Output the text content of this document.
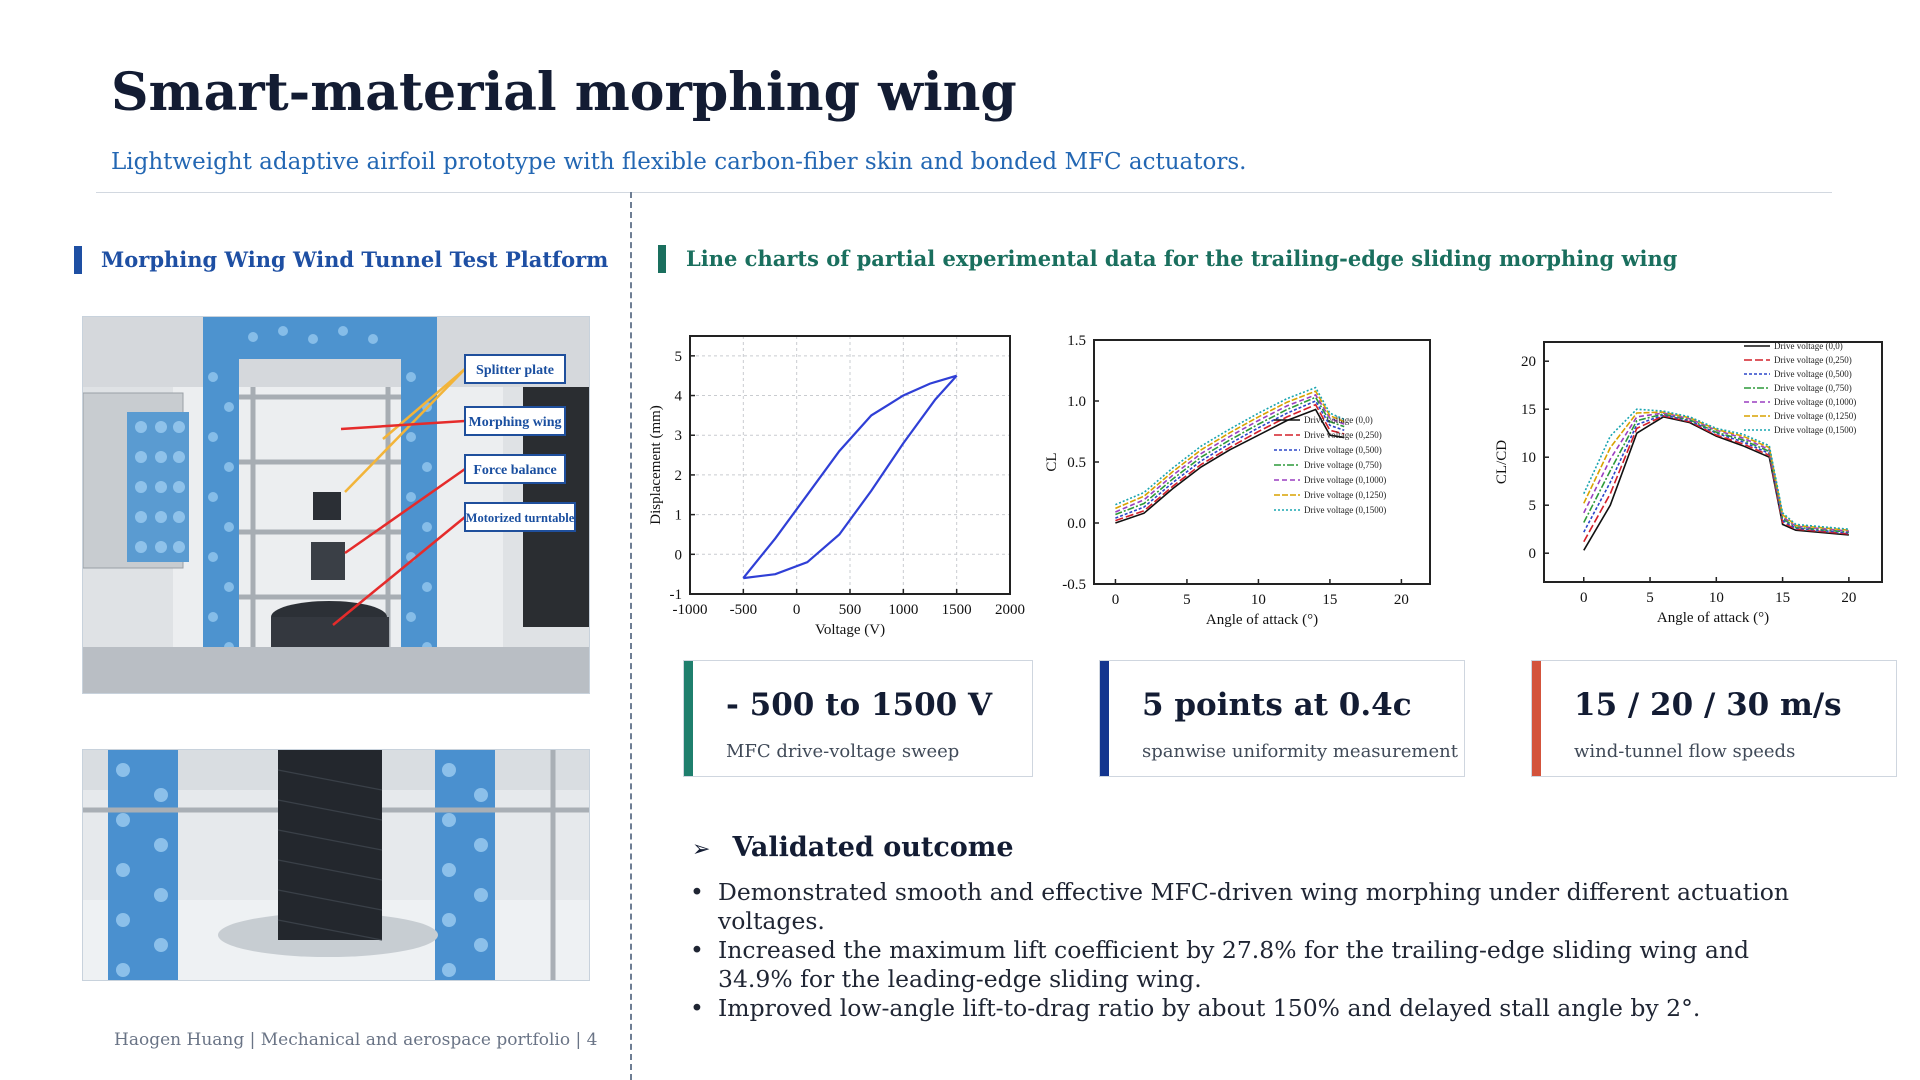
Smart-material morphing wing
Lightweight adaptive airfoil prototype with flexible carbon-fiber skin and bonded MFC actuators.
Morphing Wing Wind Tunnel Test Platform
Splitter plate
Morphing wing
Force balance
Motorized turntable
Line charts of partial experimental data for the trailing-edge sliding morphing wing
-1000 -500 0	500 1000 1500 2000
-1
0
1
2
3
4
5
Voltage (V)
Displacement (mm)
0	5	10	15	20
-0.5
0.0
0.5
1.0
1.5
Angle of attack (°)
CL
Drive voltage (0,0)
Drive voltage (0,250)
Drive voltage (0,500)
Drive voltage (0,750)
Drive voltage (0,1000)
Drive voltage (0,1250)
Drive voltage (0,1500)
0	5	10	15	20
0
5
10
15
20
Angle of attack (°)
CL/CD
Drive voltage (0,0)
Drive voltage (0,250)
Drive voltage (0,500)
Drive voltage (0,750)
Drive voltage (0,1000)
Drive voltage (0,1250)
Drive voltage (0,1500)
- 500 to 1500 V
MFC drive-voltage sweep
5 points at 0.4c
spanwise uniformity measurement
15 / 20 / 30 m/s
wind-tunnel flow speeds
➢ Validated outcome
• Demonstrated smooth and effective MFC-driven wing morphing under different actuation voltages.
• Increased the maximum lift coefficient by 27.8% for the trailing-edge sliding wing and 34.9% for the leading-edge sliding wing.
• Improved low-angle lift-to-drag ratio by about 150% and delayed stall angle by 2°.
Haogen Huang | Mechanical and aerospace portfolio | 4
